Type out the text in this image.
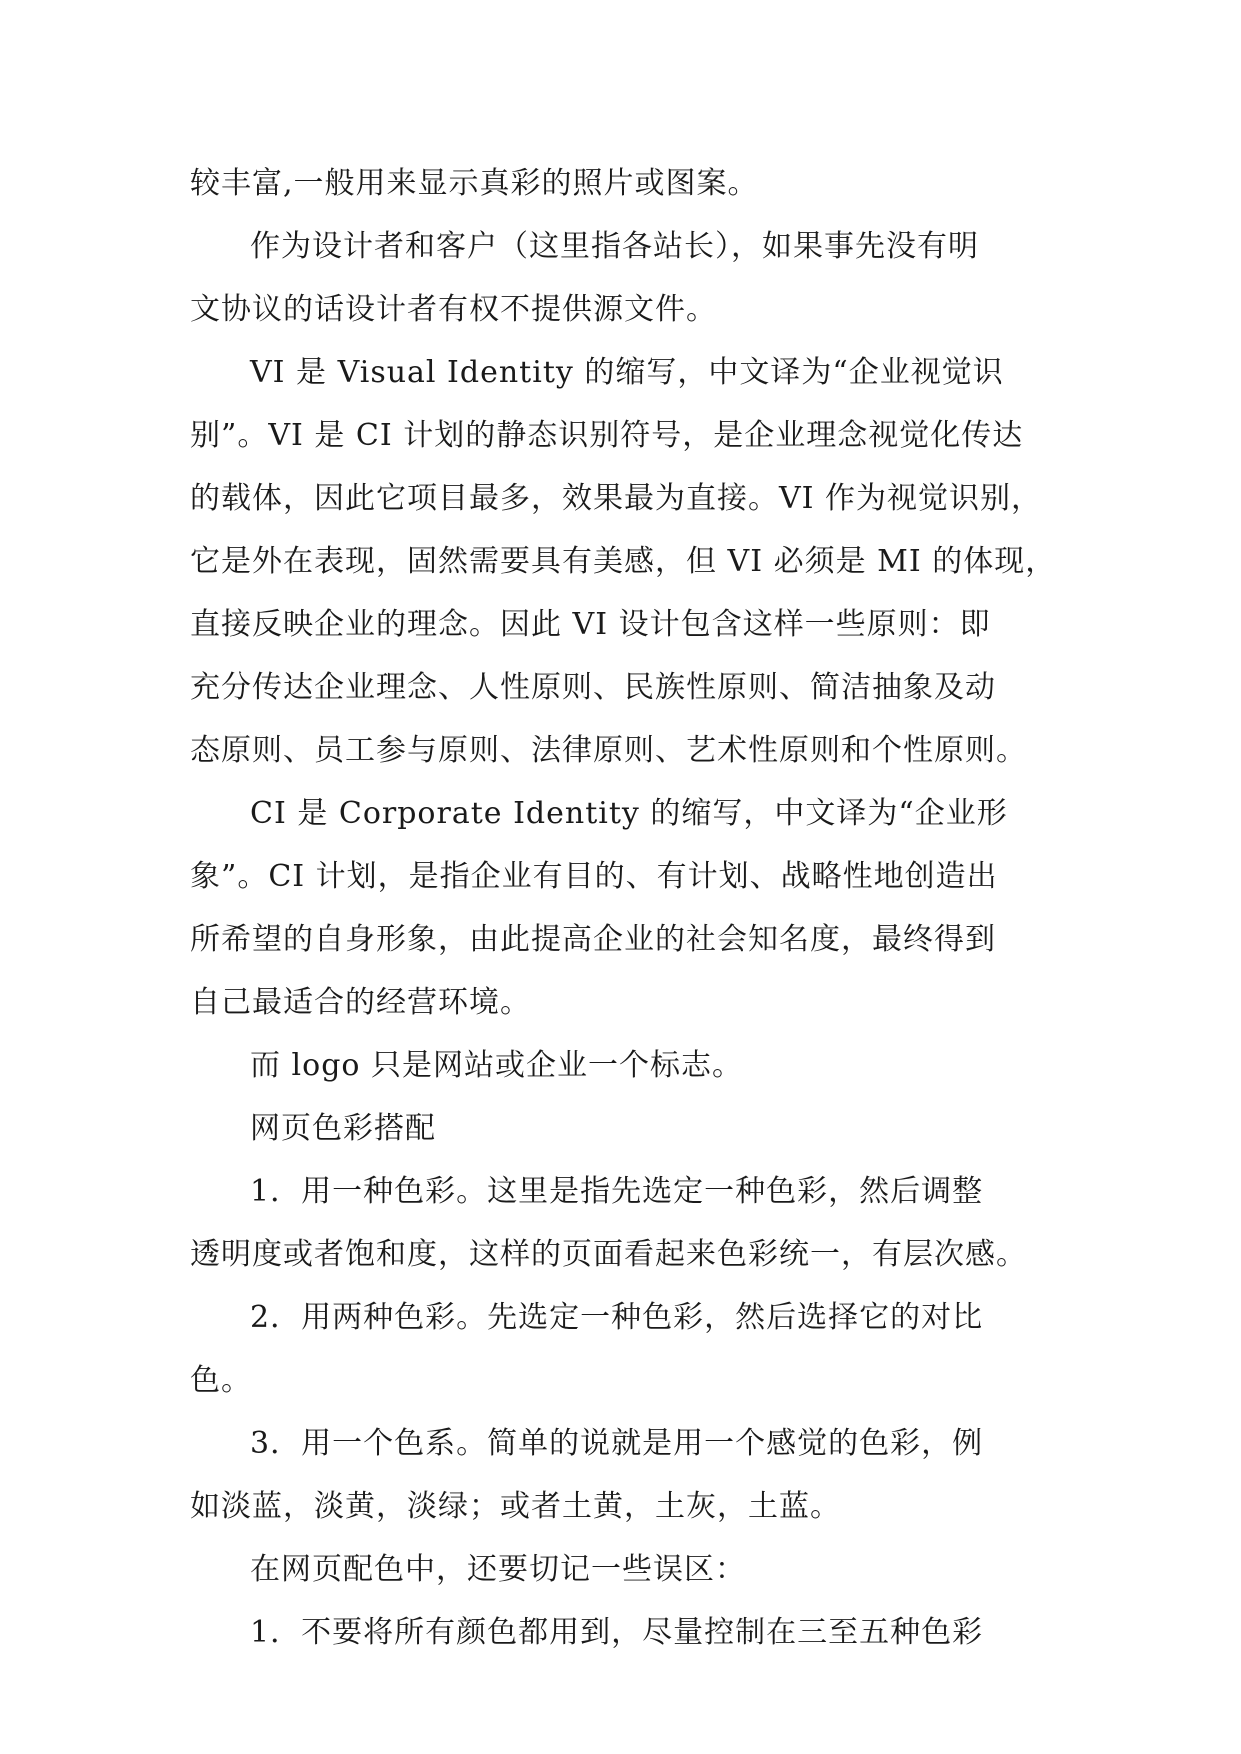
较丰富,一般用来显示真彩的照片或图案。

作为设计者和客户（这里指各站长），如果事先没有明
文协议的话设计者有权不提供源文件。

VI 是 Visual Identity 的缩写，中文译为“企业视觉识
别”。VI 是 CI 计划的静态识别符号，是企业理念视觉化传达
的载体，因此它项目最多，效果最为直接。VI 作为视觉识别，
它是外在表现，固然需要具有美感，但 VI 必须是 MI 的体现，
直接反映企业的理念。因此 VI 设计包含这样一些原则：即
充分传达企业理念、人性原则、民族性原则、简洁抽象及动
态原则、员工参与原则、法律原则、艺术性原则和个性原则。

CI 是 Corporate Identity 的缩写，中文译为“企业形
象”。CI 计划，是指企业有目的、有计划、战略性地创造出
所希望的自身形象，由此提高企业的社会知名度，最终得到
自己最适合的经营环境。

而 logo 只是网站或企业一个标志。

网页色彩搭配

1．用一种色彩。这里是指先选定一种色彩，然后调整
透明度或者饱和度，这样的页面看起来色彩统一，有层次感。

2．用两种色彩。先选定一种色彩，然后选择它的对比
色。

3．用一个色系。简单的说就是用一个感觉的色彩，例
如淡蓝，淡黄，淡绿；或者土黄，土灰，土蓝。

在网页配色中，还要切记一些误区：

1．不要将所有颜色都用到，尽量控制在三至五种色彩
